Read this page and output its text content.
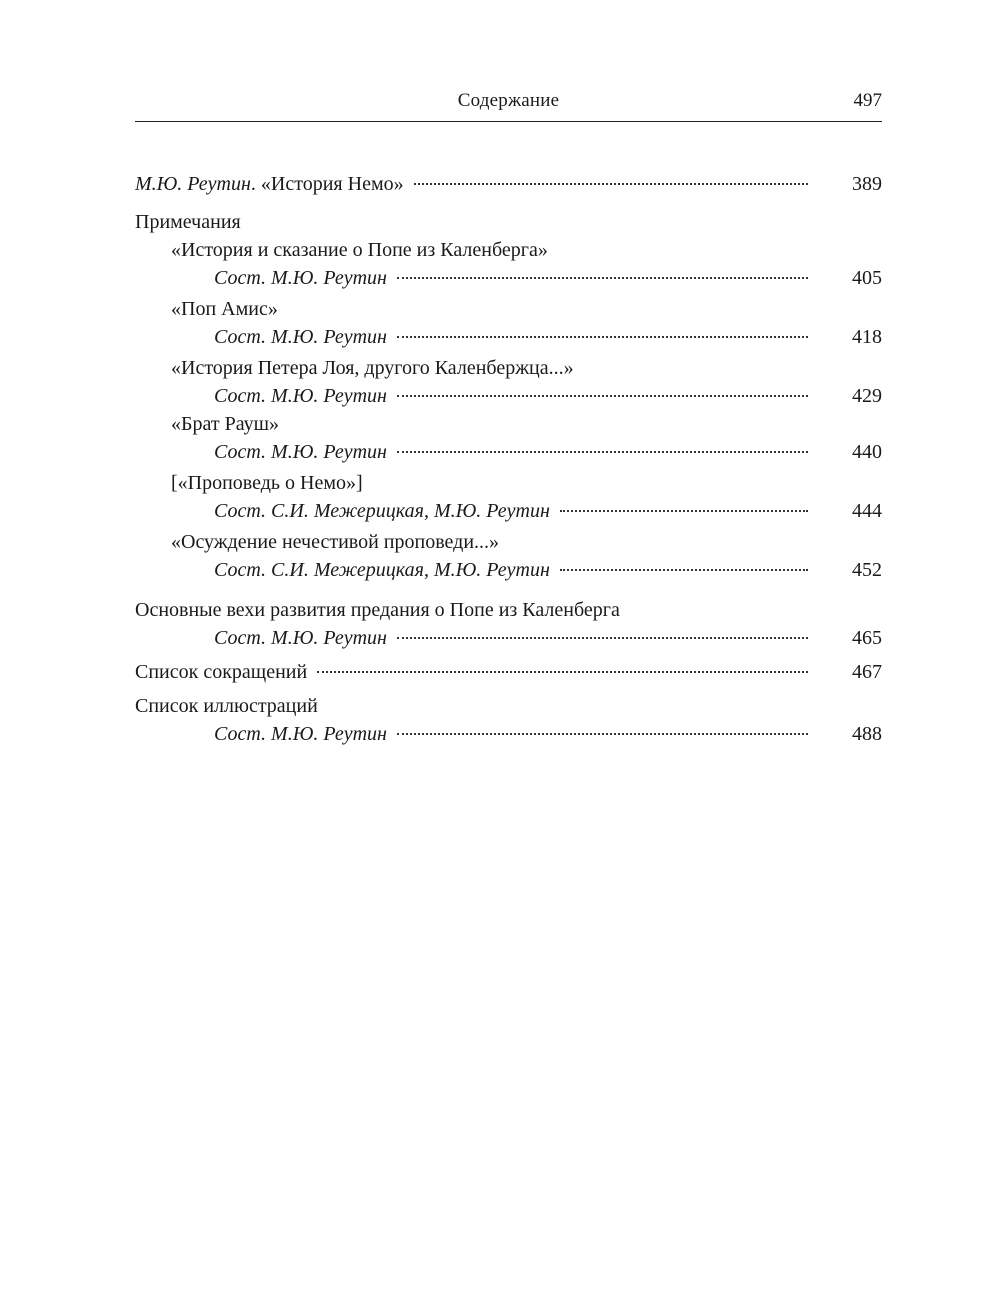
Содержание	497
М.Ю. Реутин. «История Немо»	389
Примечания
«История и сказание о Попе из Каленберга»
Сост. М.Ю. Реутин	405
«Поп Амис»
Сост. М.Ю. Реутин	418
«История Петера Лоя, другого Каленбержца...»
Сост. М.Ю. Реутин	429
«Брат Рауш»
Сост. М.Ю. Реутин	440
[«Проповедь о Немо»]
Сост. С.И. Межерицкая, М.Ю. Реутин	444
«Осуждение нечестивой проповеди...»
Сост. С.И. Межерицкая, М.Ю. Реутин	452
Основные вехи развития предания о Попе из Каленберга
Сост. М.Ю. Реутин	465
Список сокращений	467
Список иллюстраций
Сост. М.Ю. Реутин	488
